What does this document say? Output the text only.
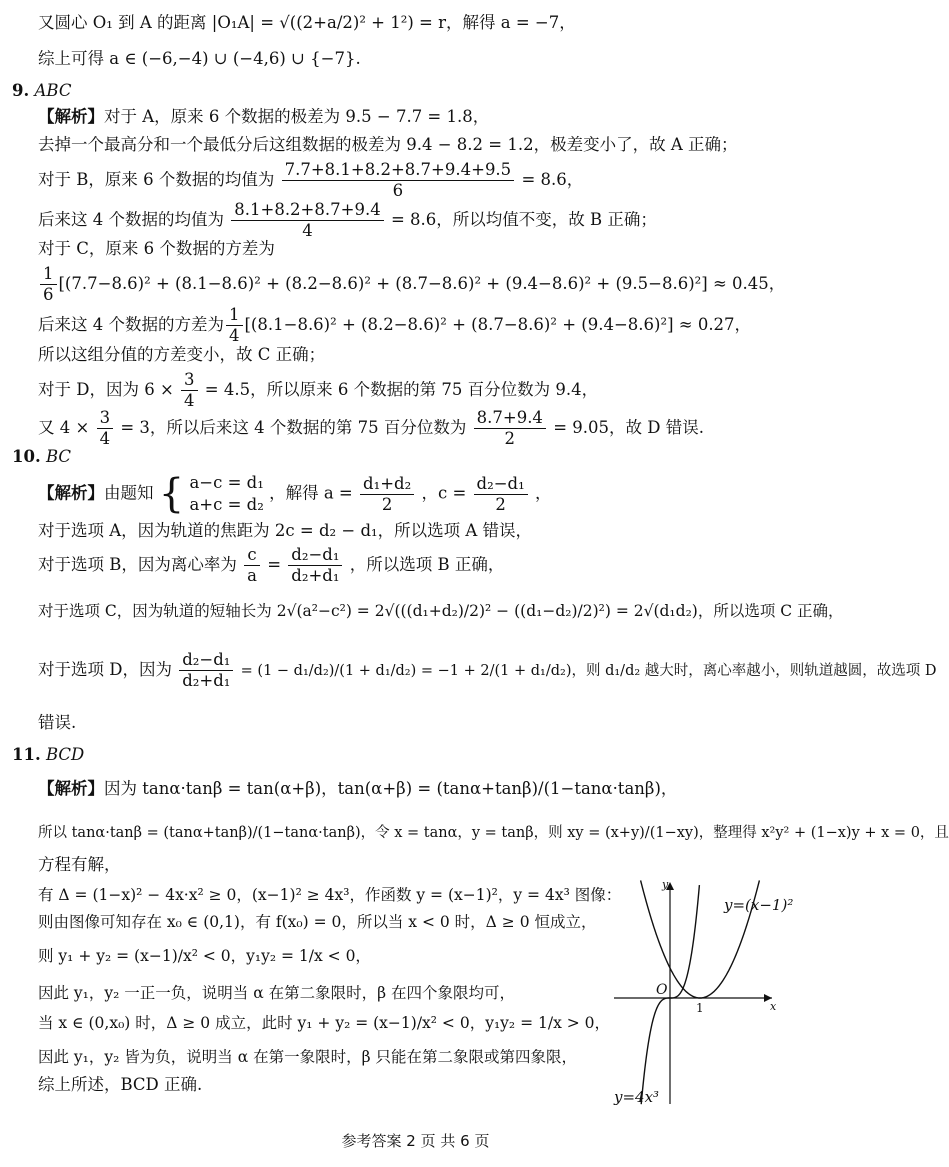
又圆心 O₁ 到 A 的距离 |O₁A| = √((2+a/2)² + 1²) = r，解得 a = −7，
综上可得 a ∈ (−6,−4) ∪ (−4,6) ∪ {−7}.
9. ABC
【解析】对于 A，原来 6 个数据的极差为 9.5 − 7.7 = 1.8，
去掉一个最高分和一个最低分后这组数据的极差为 9.4 − 8.2 = 1.2，极差变小了，故 A 正确；
对于 B，原来 6 个数据的均值为 $\frac{7.7+8.1+8.2+8.7+9.4+9.5}{6} = 8.6$，
后来这 4 个数据的均值为 $\frac{8.1+8.2+8.7+9.4}{4} = 8.6$，所以均值不变，故 B 正确；
对于 C，原来 6 个数据的方差为
$\frac{1}{6} [(7.7-8.6)^2 + (8.1-8.6)^2 + (8.2-8.6)^2 + (8.7-8.6)^2 + (9.4-8.6)^2 + (9.5-8.6)^2] \approx 0.45$，
后来这 4 个数据的方差为 $\frac{1}{4} [(8.1-8.6)^2 + (8.2-8.6)^2 + (8.7-8.6)^2 + (9.4-8.6)^2] \approx 0.27$，
所以这组分值的方差变小，故 C 正确；
对于 D，因为 $6 \times \frac{3}{4} = 4.5$，所以原来 6 个数据的第 75 百分位数为 9.4，
又 $4 \times \frac{3}{4} = 3$，所以后来这 4 个数据的第 75 百分位数为 $\frac{8.7+9.4}{2} = 9.05$，故 D 错误.
10. BC
【解析】由题知 { a−c = d₁
a+c = d₂
，解得 $a = \frac{\text{d₁+d₂}}{2}$ ，$c = \frac{\text{d₂−d₁}}{2}$ ，
对于选项 A，因为轨道的焦距为 2c = d₂ − d₁，所以选项 A 错误，
对于选项 B，因为离心率为 $\frac{c}{a} = \frac{\text{d₂−d₁}}{\text{d₂+d₁}}$ ，所以选项 B 正确，
对于选项 C，因为轨道的短轴长为 2√(a²−c²) = 2√(((d₁+d₂)/2)² − ((d₁−d₂)/2)²) = 2√(d₁d₂)，所以选项 C 正确，
对于选项 D，因为 $\frac{\text{d₂−d₁}}{\text{d₂+d₁}} = (1 - d_1/d_2)/(1 + d_1/d_2) = -1 + 2/(1 + d_1/d_2)$，则 d₁/d₂ 越大时，离心率越小，则轨道越圆，故选项 D
错误.
11. BCD
【解析】因为 tanα·tanβ = tan(α+β)，tan(α+β) = (tanα+tanβ)/(1−tanα·tanβ)，
所以 tanα·tanβ = (tanα+tanβ)/(1−tanα·tanβ)，令 x = tanα，y = tanβ，则 xy = (x+y)/(1−xy)，整理得 x²y² + (1−x)y + x = 0，且
方程有解，
有 Δ = (1−x)² − 4x·x² ≥ 0，(x−1)² ≥ 4x³，作函数 y = (x−1)²，y = 4x³ 图像：
则由图像可知存在 x₀ ∈ (0,1)，有 f(x₀) = 0，所以当 x < 0 时，Δ ≥ 0 恒成立，
则 y₁ + y₂ = (x−1)/x² < 0，y₁y₂ = 1/x < 0，
因此 y₁，y₂ 一正一负，说明当 α 在第二象限时，β 在四个象限均可，
当 x ∈ (0,x₀) 时，Δ ≥ 0 成立，此时 y₁ + y₂ = (x−1)/x² < 0，y₁y₂ = 1/x > 0，
因此 y₁，y₂ 皆为负，说明当 α 在第一象限时，β 只能在第二象限或第四象限，
综上所述，BCD 正确.
y
x
O
1
y=(x−1)²
y=4x³
参考答案 2 页 共 6 页
